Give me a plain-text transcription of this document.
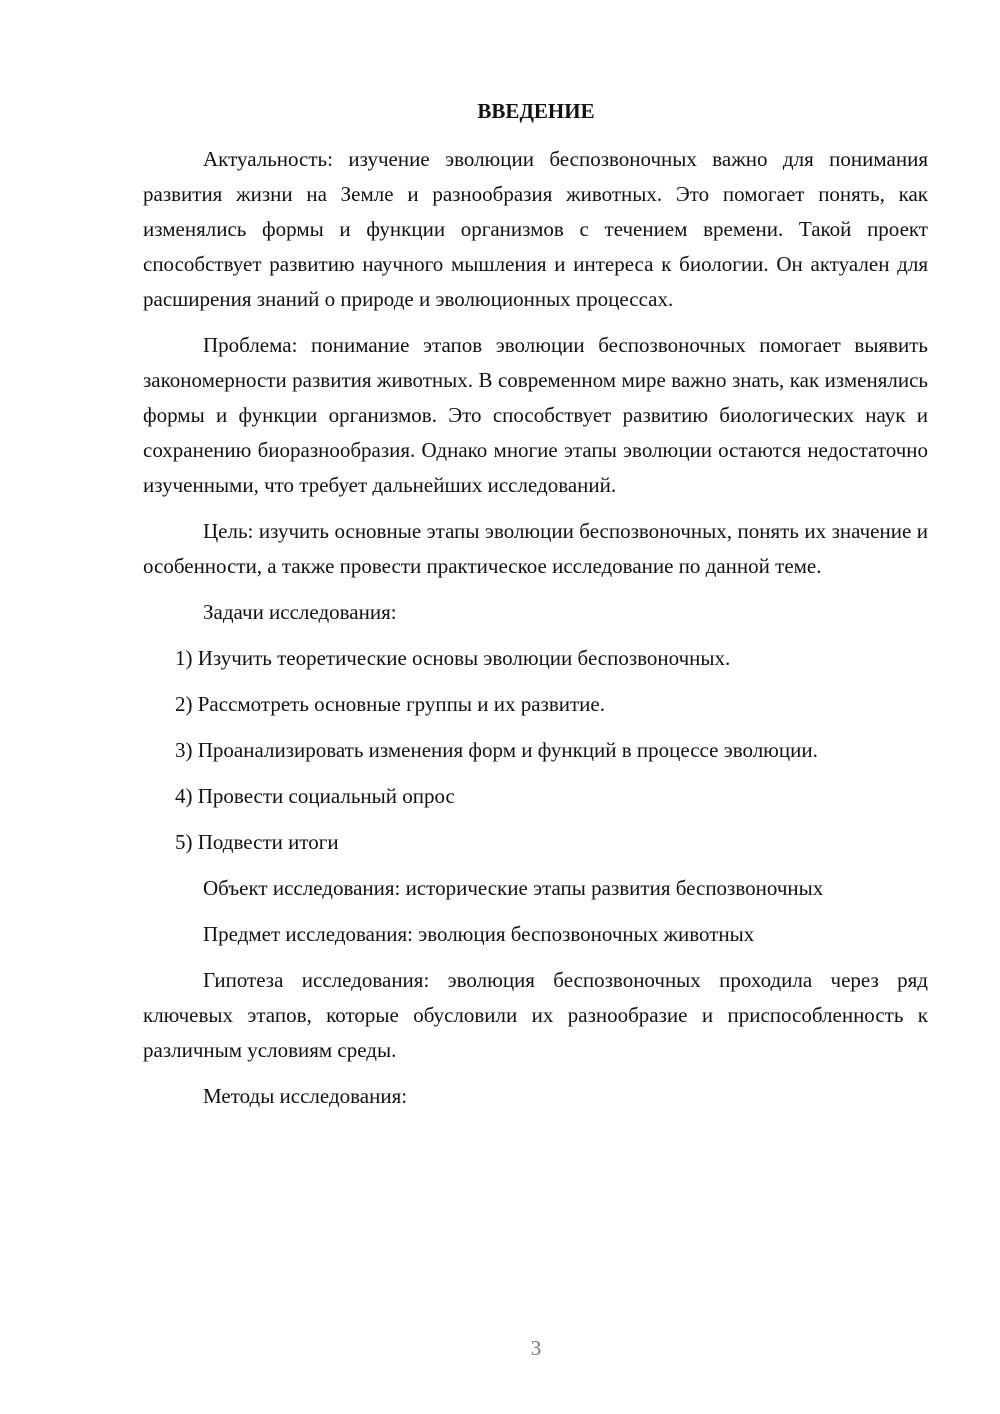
ВВЕДЕНИЕ

Актуальность: изучение эволюции беспозвоночных важно для понимания развития жизни на Земле и разнообразия животных. Это помогает понять, как изменялись формы и функции организмов с течением времени. Такой проект способствует развитию научного мышления и интереса к биологии. Он актуален для расширения знаний о природе и эволюционных процессах.

Проблема: понимание этапов эволюции беспозвоночных помогает выявить закономерности развития животных. В современном мире важно знать, как изменялись формы и функции организмов. Это способствует развитию биологических наук и сохранению биоразнообразия. Однако многие этапы эволюции остаются недостаточно изученными, что требует дальнейших исследований.

Цель: изучить основные этапы эволюции беспозвоночных, понять их значение и особенности, а также провести практическое исследование по данной теме.

Задачи исследования:

1) Изучить теоретические основы эволюции беспозвоночных.

2) Рассмотреть основные группы и их развитие.

3) Проанализировать изменения форм и функций в процессе эволюции.

4) Провести социальный опрос

5) Подвести итоги

Объект исследования: исторические этапы развития беспозвоночных

Предмет исследования: эволюция беспозвоночных животных

Гипотеза исследования: эволюция беспозвоночных проходила через ряд ключевых этапов, которые обусловили их разнообразие и приспособленность к различным условиям среды.

Методы исследования:

3
